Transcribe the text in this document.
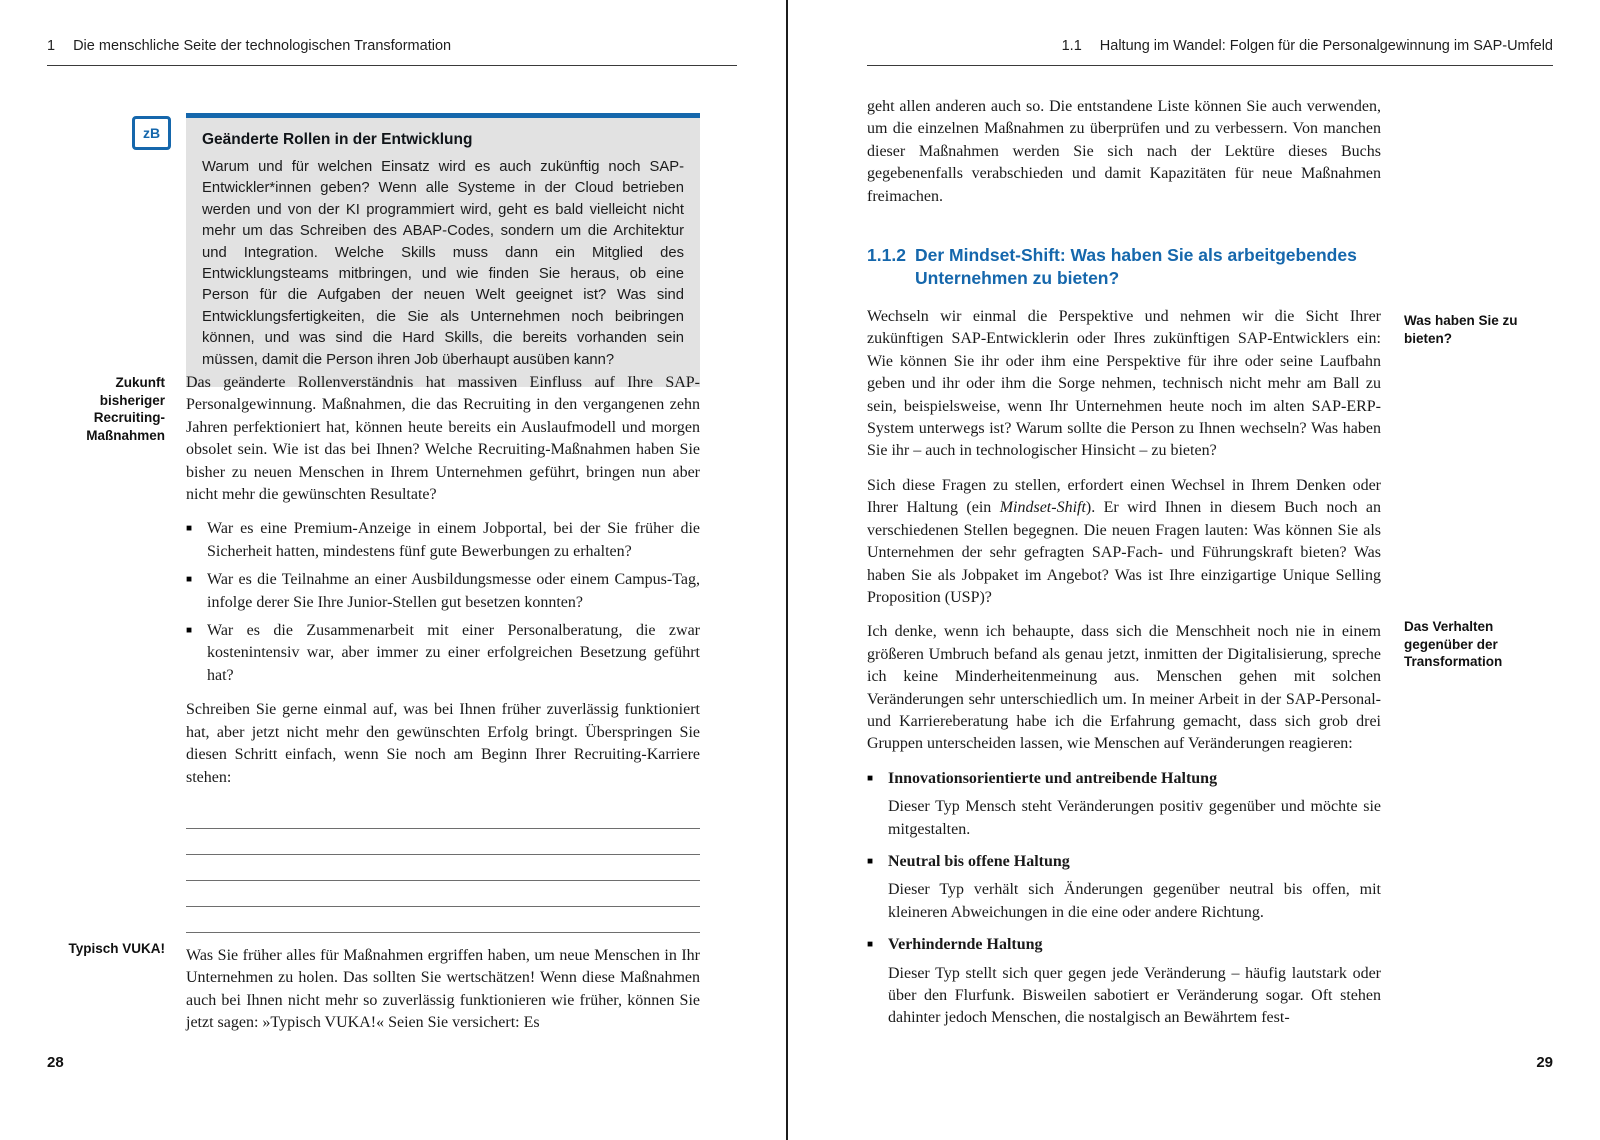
1 Die menschliche Seite der technologischen Transformation
zB	Geänderte Rollen in der Entwicklung

Warum und für welchen Einsatz wird es auch zukünftig noch SAP-Entwickler*innen geben? Wenn alle Systeme in der Cloud betrieben werden und von der KI programmiert wird, geht es bald vielleicht nicht mehr um das Schreiben des ABAP-Codes, sondern um die Architektur und Integration. Welche Skills muss dann ein Mitglied des Entwicklungsteams mitbringen, und wie finden Sie heraus, ob eine Person für die Aufgaben der neuen Welt geeignet ist? Was sind Entwicklungsfertigkeiten, die Sie als Unternehmen noch beibringen können, und was sind die Hard Skills, die bereits vorhanden sein müssen, damit die Person ihren Job überhaupt ausüben kann?

Zukunft bisheriger Recruiting-Maßnahmen
Typisch VUKA!

Das geänderte Rollenverständnis hat massiven Einfluss auf Ihre SAP-Personalgewinnung. Maßnahmen, die das Recruiting in den vergangenen zehn Jahren perfektioniert hat, können heute bereits ein Auslaufmodell und morgen obsolet sein. Wie ist das bei Ihnen? Welche Recruiting-Maßnahmen haben Sie bisher zu neuen Menschen in Ihrem Unternehmen geführt, bringen nun aber nicht mehr die gewünschten Resultate?

■ War es eine Premium-Anzeige in einem Jobportal, bei der Sie früher die Sicherheit hatten, mindestens fünf gute Bewerbungen zu erhalten?
■ War es die Teilnahme an einer Ausbildungsmesse oder einem Campus-Tag, infolge derer Sie Ihre Junior-Stellen gut besetzen konnten?
■ War es die Zusammenarbeit mit einer Personalberatung, die zwar kostenintensiv war, aber immer zu einer erfolgreichen Besetzung geführt hat?

Schreiben Sie gerne einmal auf, was bei Ihnen früher zuverlässig funktioniert hat, aber jetzt nicht mehr den gewünschten Erfolg bringt. Überspringen Sie diesen Schritt einfach, wenn Sie noch am Beginn Ihrer Recruiting-Karriere stehen:

Was Sie früher alles für Maßnahmen ergriffen haben, um neue Menschen in Ihr Unternehmen zu holen. Das sollten Sie wertschätzen! Wenn diese Maßnahmen auch bei Ihnen nicht mehr so zuverlässig funktionieren wie früher, können Sie jetzt sagen: »Typisch VUKA!« Seien Sie versichert: Es

28
1.1 Haltung im Wandel: Folgen für die Personalgewinnung im SAP-Umfeld
Was haben Sie zu bieten?
Das Verhalten gegenüber der Transformation

geht allen anderen auch so. Die entstandene Liste können Sie auch verwenden, um die einzelnen Maßnahmen zu überprüfen und zu verbessern. Von manchen dieser Maßnahmen werden Sie sich nach der Lektüre dieses Buchs gegebenenfalls verabschieden und damit Kapazitäten für neue Maßnahmen freimachen.

1.1.2 Der Mindset-Shift: Was haben Sie als arbeitgebendes Unternehmen zu bieten?

Wechseln wir einmal die Perspektive und nehmen wir die Sicht Ihrer zukünftigen SAP-Entwicklerin oder Ihres zukünftigen SAP-Entwicklers ein: Wie können Sie ihr oder ihm eine Perspektive für ihre oder seine Laufbahn geben und ihr oder ihm die Sorge nehmen, technisch nicht mehr am Ball zu sein, beispielsweise, wenn Ihr Unternehmen heute noch im alten SAP-ERP-System unterwegs ist? Warum sollte die Person zu Ihnen wechseln? Was haben Sie ihr – auch in technologischer Hinsicht – zu bieten?

Sich diese Fragen zu stellen, erfordert einen Wechsel in Ihrem Denken oder Ihrer Haltung (ein Mindset-Shift). Er wird Ihnen in diesem Buch noch an verschiedenen Stellen begegnen. Die neuen Fragen lauten: Was können Sie als Unternehmen der sehr gefragten SAP-Fach- und Führungskraft bieten? Was haben Sie als Jobpaket im Angebot? Was ist Ihre einzigartige Unique Selling Proposition (USP)?

Ich denke, wenn ich behaupte, dass sich die Menschheit noch nie in einem größeren Umbruch befand als genau jetzt, inmitten der Digitalisierung, spreche ich keine Minderheitenmeinung aus. Menschen gehen mit solchen Veränderungen sehr unterschiedlich um. In meiner Arbeit in der SAP-Personal- und Karriereberatung habe ich die Erfahrung gemacht, dass sich grob drei Gruppen unterscheiden lassen, wie Menschen auf Veränderungen reagieren:

■ Innovationsorientierte und antreibende Haltung

Dieser Typ Mensch steht Veränderungen positiv gegenüber und möchte sie mitgestalten.

■ Neutral bis offene Haltung

Dieser Typ verhält sich Änderungen gegenüber neutral bis offen, mit kleineren Abweichungen in die eine oder andere Richtung.

■ Verhindernde Haltung

Dieser Typ stellt sich quer gegen jede Veränderung – häufig lautstark oder über den Flurfunk. Bisweilen sabotiert er Veränderung sogar. Oft stehen dahinter jedoch Menschen, die nostalgisch an Bewährtem fest-

29
